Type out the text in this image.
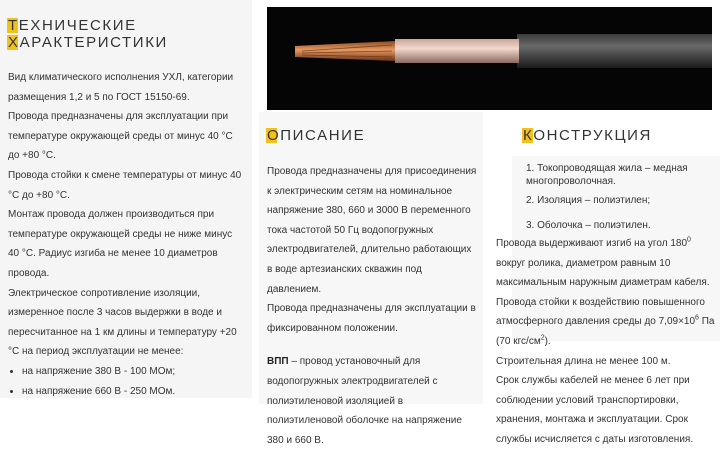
ТЕХНИЧЕСКИЕ

ХАРАКТЕРИСТИКИ

Вид климатического исполнения УХЛ, категории размещения 1,2 и 5 по ГОСТ 15150-69.

Провода предназначены для эксплуатации при температуре окружающей среды от минус 40 °С до +80 °С.

Провода стойки к смене температуры от минус 40 °С до +80 °С.

Монтаж провода должен производиться при температуре окружающей среды не ниже минус 40 °С. Радиус изгиба не менее 10 диаметров провода.

Электрическое сопротивление изоляции, измеренное после 3 часов выдержки в воде и пересчитанное на 1 км длины и температуру +20 °С на период эксплуатации не менее:

• на напряжение 380 В - 100 МОм;
• на напряжение 660 В - 250 МОм.
ОПИСАНИЕ

Провода предназначены для присоединения к электрическим сетям на номинальное напряжение 380, 660 и 3000 В переменного тока частотой 50 Гц водопогружных электродвигателей, длительно работающих в воде артезианских скважин под давлением.

Провода предназначены для эксплуатации в фиксированном положении.

ВПП – провод установочный для водопогружных электродвигателей с полиэтиленовой изоляцией в полиэтиленовой оболочке на напряжение 380 и 660 В.

КОНСТРУКЦИЯ

1. Токопроводящая жила – медная многопроволочная.

2. Изоляция – полиэтилен;

3. Оболочка – полиэтилен.

Провода выдерживают изгиб на угол $180^0$ вокруг ролика, диаметром равным 10 максимальным наружным диаметрам кабеля.

Провода стойки к воздействию повышенного атмосферного давления среды до $7,09\times 10^6$ Па (70 кгс/$см^2$).

Строительная длина не менее 100 м.

Срок службы кабелей не менее 6 лет при соблюдении условий транспортировки, хранения, монтажа и эксплуатации. Срок службы исчисляется с даты изготовления.
